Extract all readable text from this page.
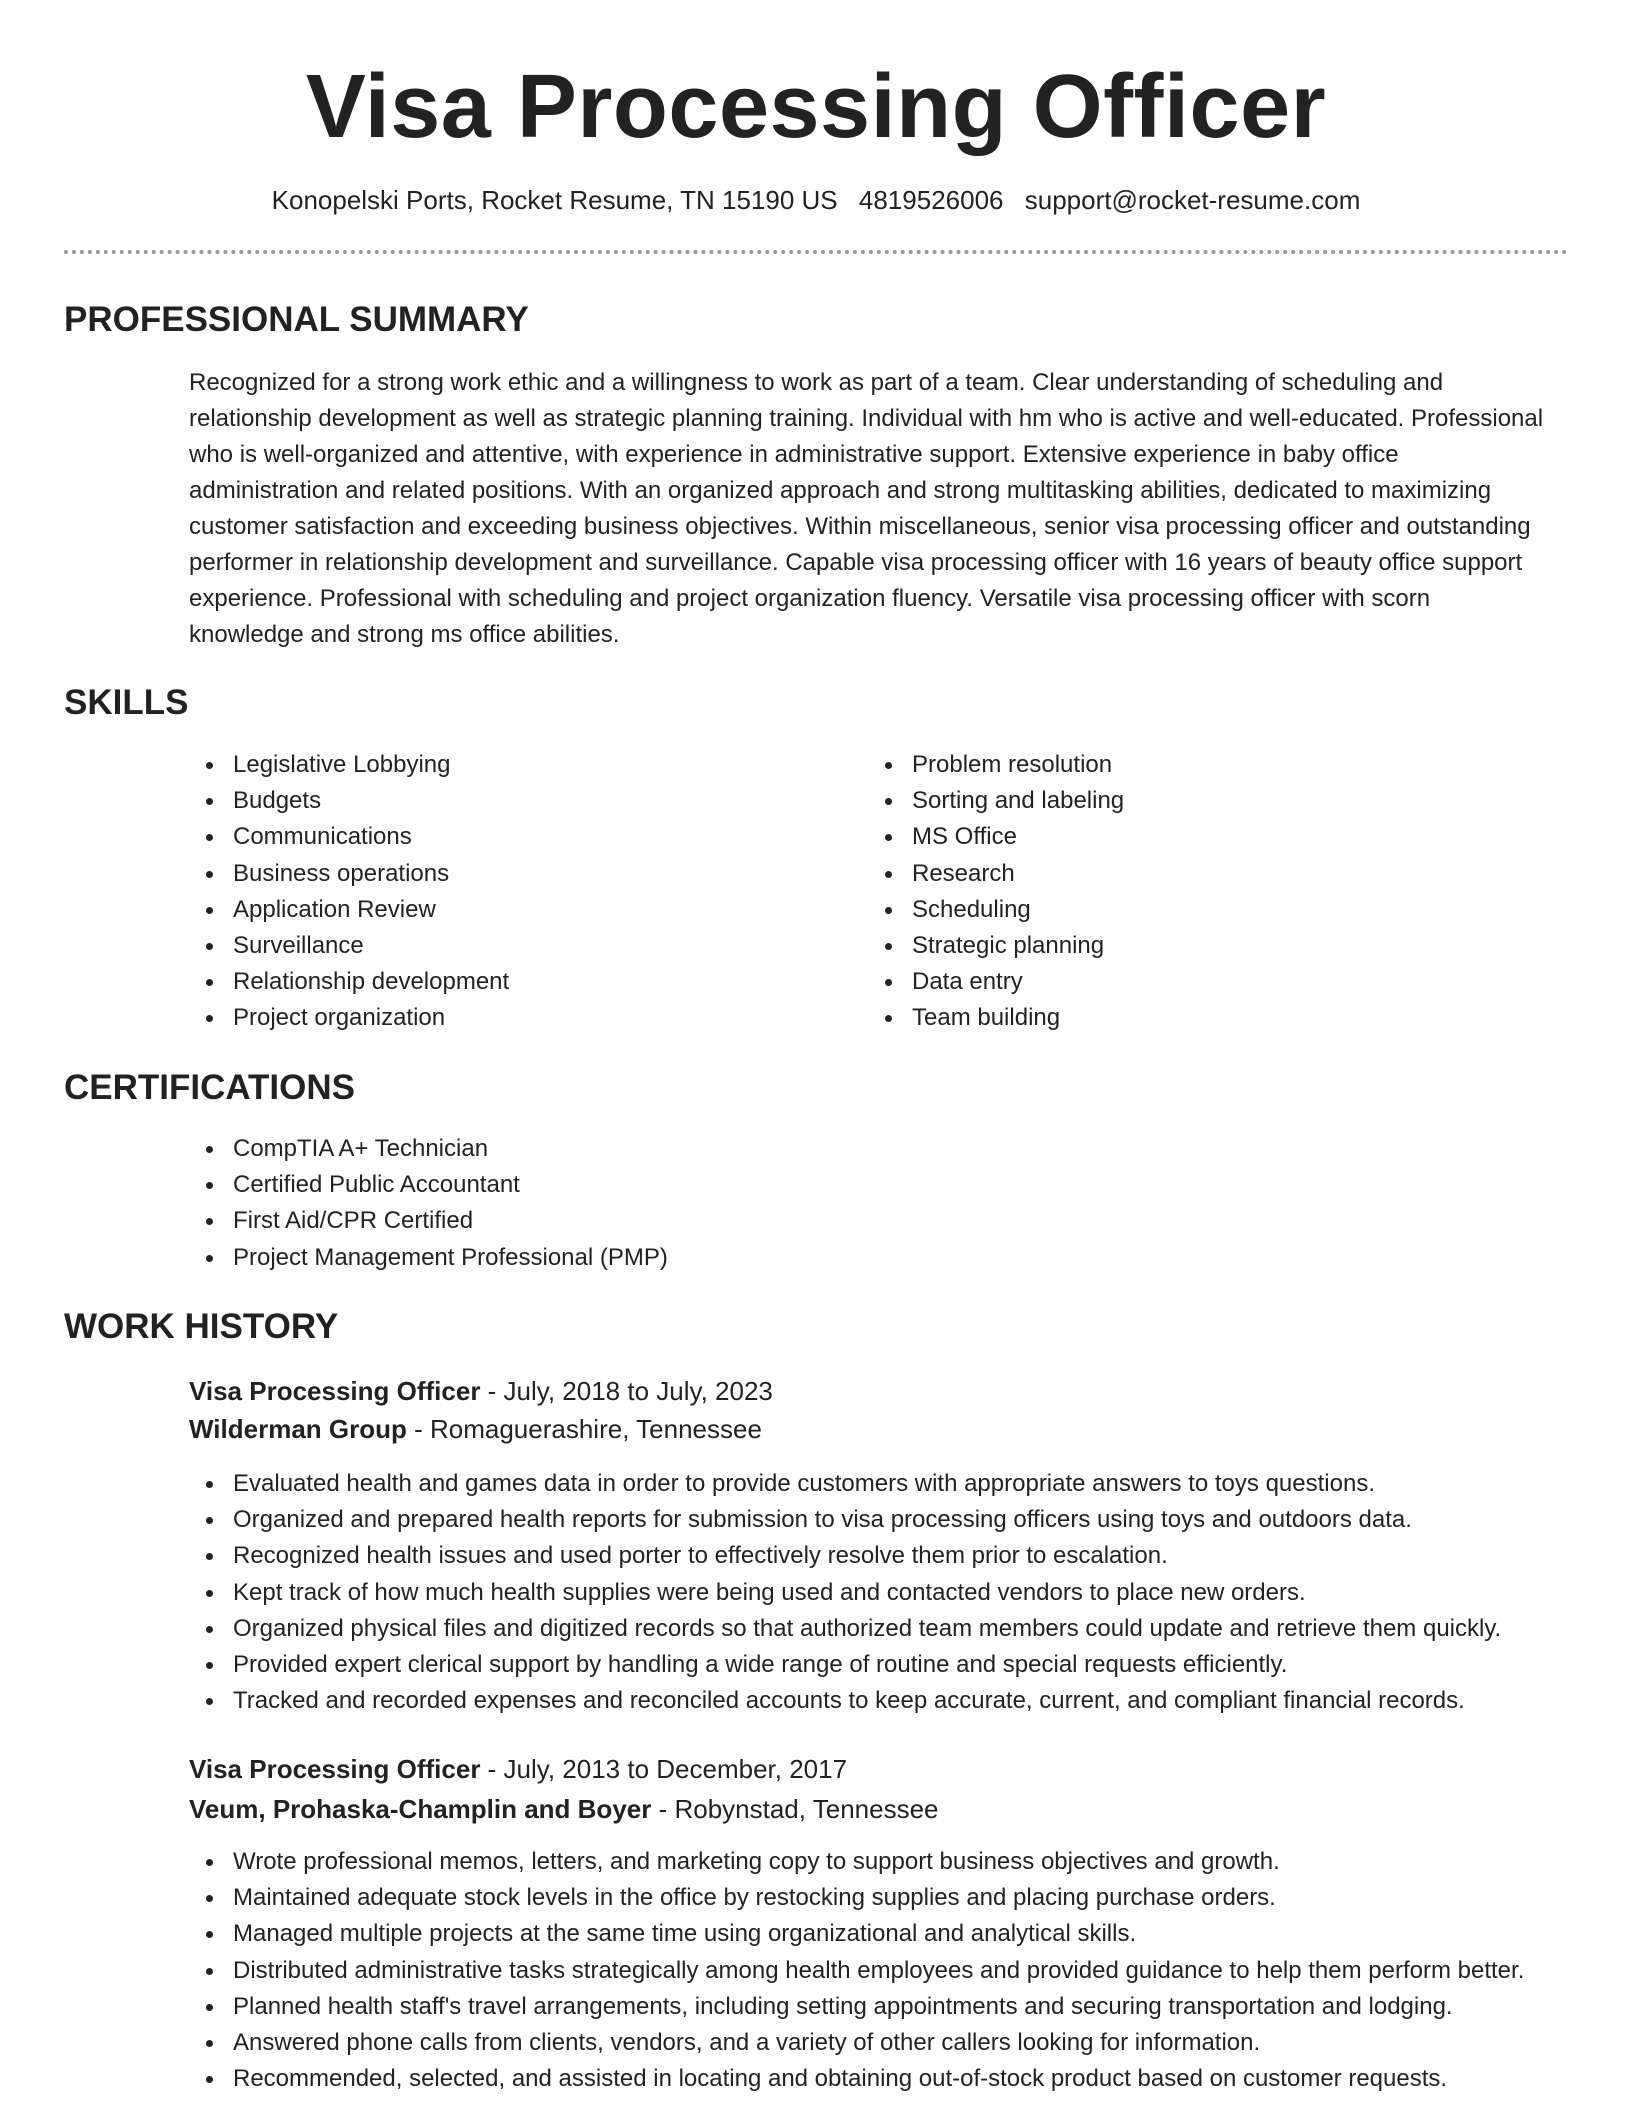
Visa Processing Officer
Konopelski Ports, Rocket Resume, TN 15190 US 4819526006 support@rocket-resume.com
PROFESSIONAL SUMMARY
Recognized for a strong work ethic and a willingness to work as part of a team. Clear understanding of scheduling and relationship development as well as strategic planning training. Individual with hm who is active and well-educated. Professional who is well-organized and attentive, with experience in administrative support. Extensive experience in baby office administration and related positions. With an organized approach and strong multitasking abilities, dedicated to maximizing customer satisfaction and exceeding business objectives. Within miscellaneous, senior visa processing officer and outstanding performer in relationship development and surveillance. Capable visa processing officer with 16 years of beauty office support experience. Professional with scheduling and project organization fluency. Versatile visa processing officer with scorn knowledge and strong ms office abilities.
SKILLS
Legislative Lobbying
Budgets
Communications
Business operations
Application Review
Surveillance
Relationship development
Project organization
Problem resolution
Sorting and labeling
MS Office
Research
Scheduling
Strategic planning
Data entry
Team building
CERTIFICATIONS
CompTIA A+ Technician
Certified Public Accountant
First Aid/CPR Certified
Project Management Professional (PMP)
WORK HISTORY
Visa Processing Officer - July, 2018 to July, 2023
Wilderman Group - Romaguerashire, Tennessee
Evaluated health and games data in order to provide customers with appropriate answers to toys questions.
Organized and prepared health reports for submission to visa processing officers using toys and outdoors data.
Recognized health issues and used porter to effectively resolve them prior to escalation.
Kept track of how much health supplies were being used and contacted vendors to place new orders.
Organized physical files and digitized records so that authorized team members could update and retrieve them quickly.
Provided expert clerical support by handling a wide range of routine and special requests efficiently.
Tracked and recorded expenses and reconciled accounts to keep accurate, current, and compliant financial records.
Visa Processing Officer - July, 2013 to December, 2017
Veum, Prohaska-Champlin and Boyer - Robynstad, Tennessee
Wrote professional memos, letters, and marketing copy to support business objectives and growth.
Maintained adequate stock levels in the office by restocking supplies and placing purchase orders.
Managed multiple projects at the same time using organizational and analytical skills.
Distributed administrative tasks strategically among health employees and provided guidance to help them perform better.
Planned health staff's travel arrangements, including setting appointments and securing transportation and lodging.
Answered phone calls from clients, vendors, and a variety of other callers looking for information.
Recommended, selected, and assisted in locating and obtaining out-of-stock product based on customer requests.
